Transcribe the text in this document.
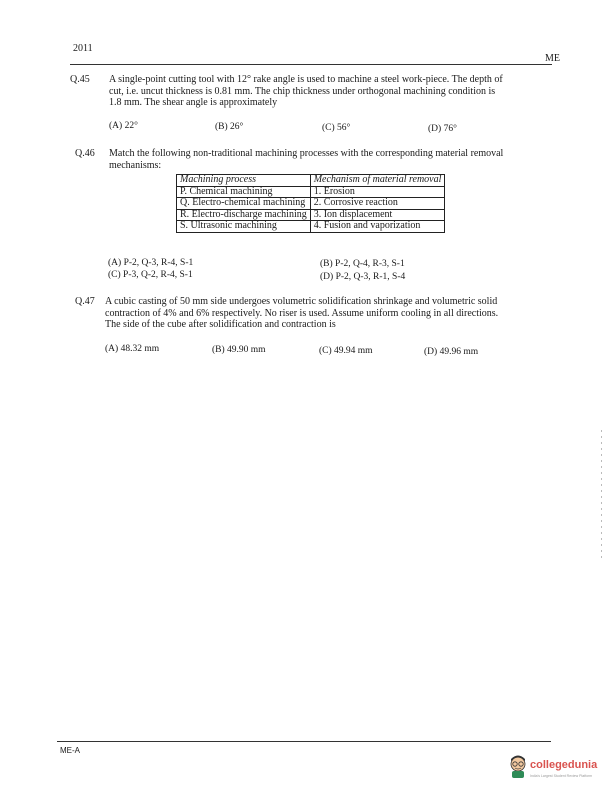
2011
ME
Q.45 A single-point cutting tool with 12° rake angle is used to machine a steel work-piece. The depth of
cut, i.e. uncut thickness is 0.81 mm. The chip thickness under orthogonal machining condition is
1.8 mm. The shear angle is approximately
(A) 22°	(B) 26°	(C) 56°	(D) 76°
Q.46 Match the following non-traditional machining processes with the corresponding material removal
mechanisms:
Machining process	Mechanism of material removal
P. Chemical machining	1. Erosion
Q. Electro-chemical machining	2. Corrosive reaction
R. Electro-discharge machining	3. Ion displacement
S. Ultrasonic machining	4. Fusion and vaporization
(A) P-2, Q-3, R-4, S-1	(B) P-2, Q-4, R-3, S-1
(C) P-3, Q-2, R-4, S-1	(D) P-2, Q-3, R-1, S-4
Q.47 A cubic casting of 50 mm side undergoes volumetric solidification shrinkage and volumetric solid
contraction of 4% and 6% respectively. No riser is used. Assume uniform cooling in all directions.
The side of the cube after solidification and contraction is
(A) 48.32 mm	(B) 49.90 mm	(C) 49.94 mm	(D) 49.96 mm
ME-A
collegedunia
India's Largest Student Review Platform
